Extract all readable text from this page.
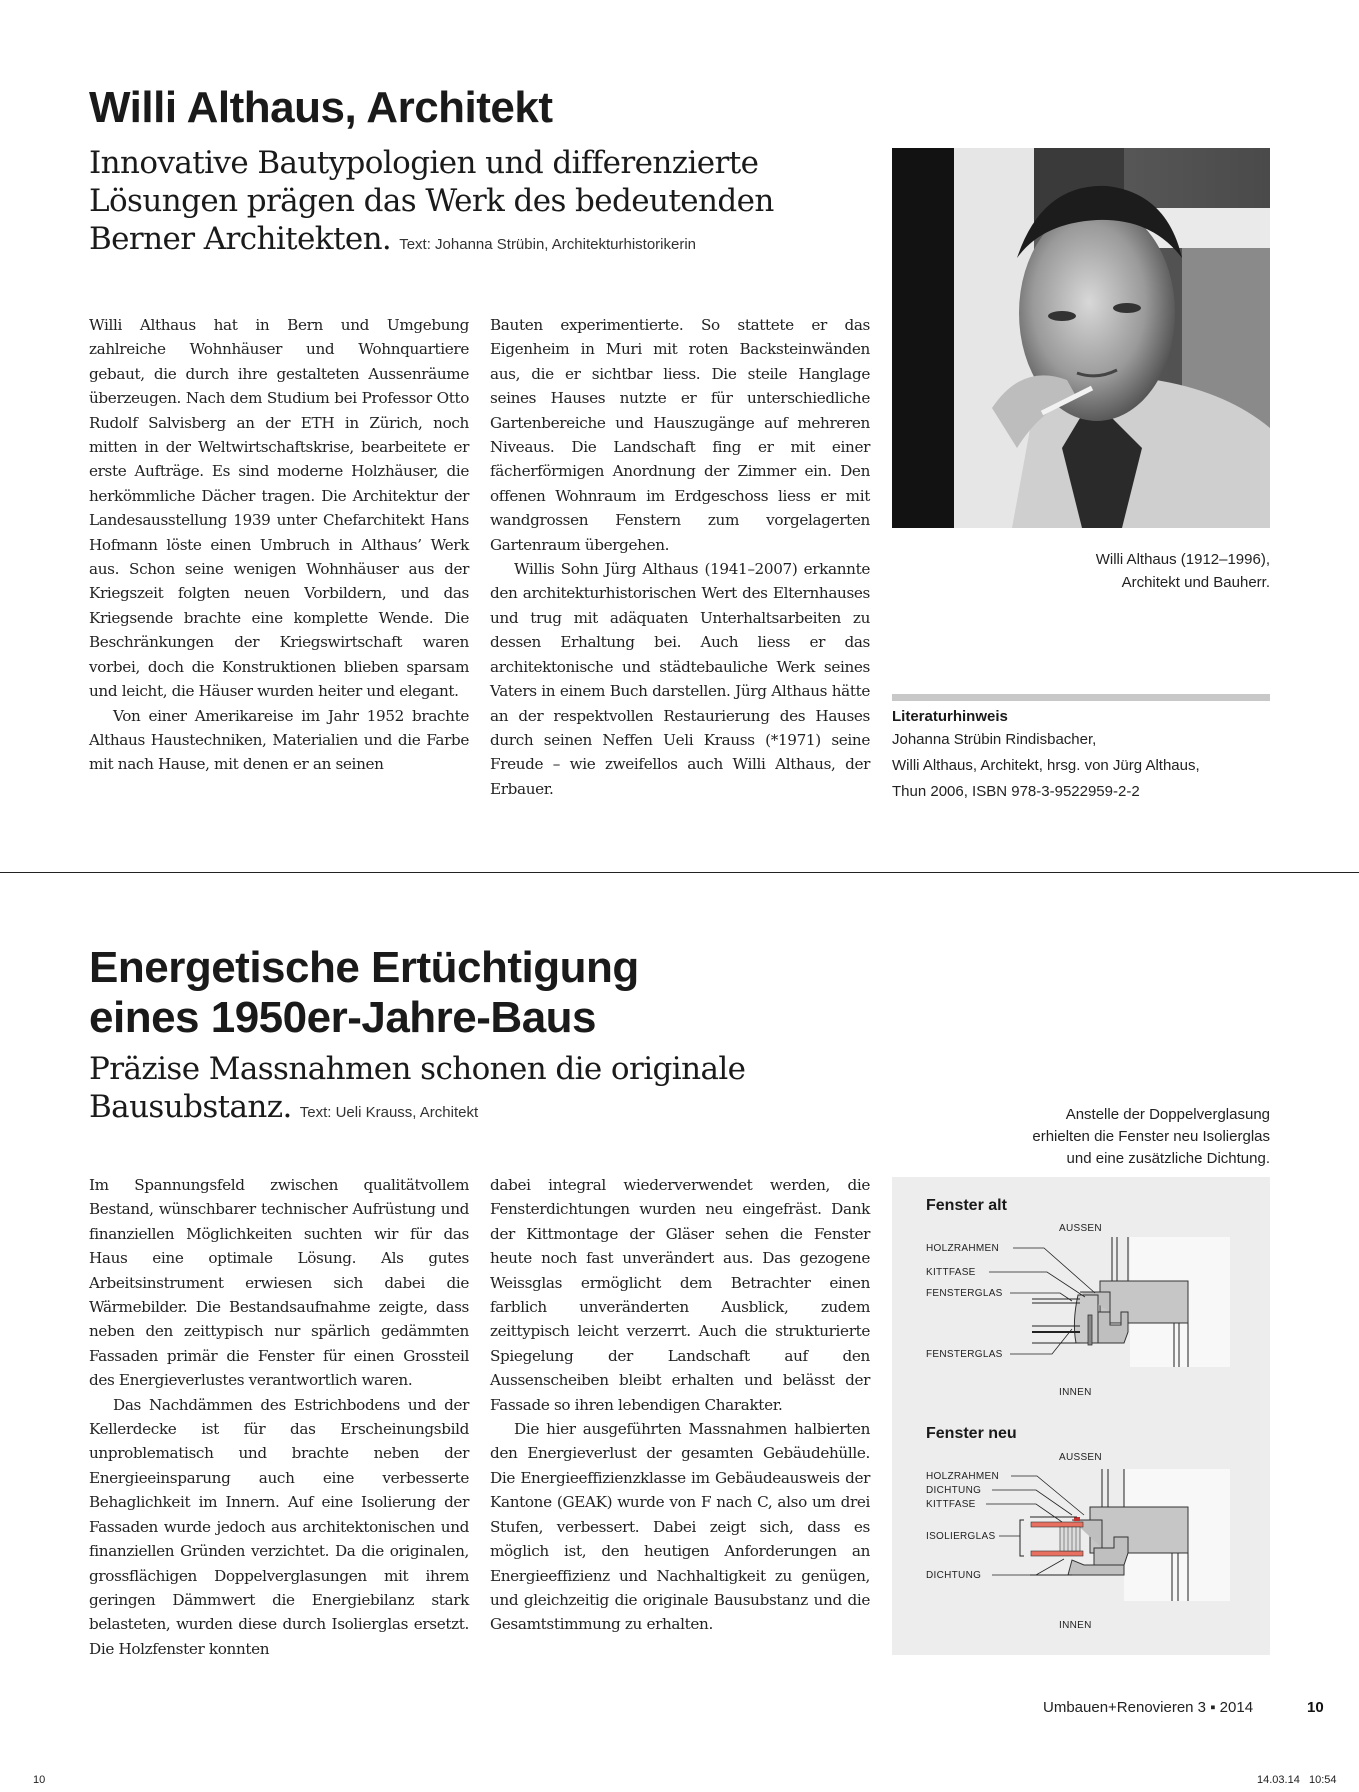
Willi Althaus, Architekt
Innovative Bautypologien und differenzierte
Lösungen prägen das Werk des bedeutenden
Berner Architekten. Text: Johanna Strübin, Architekturhistorikerin

Willi Althaus hat in Bern und Umgebung zahlreiche Wohnhäuser und Wohnquartiere gebaut, die durch ihre gestalteten Aussenräume überzeugen. Nach dem Studium bei Professor Otto Rudolf Salvisberg an der ETH in Zürich, noch mitten in der Weltwirtschaftskrise, bearbeitete er erste Aufträge. Es sind moderne Holzhäuser, die herkömmliche Dächer tragen. Die Architektur der Landesausstellung 1939 unter Chefarchitekt Hans Hofmann löste einen Umbruch in Althaus’ Werk aus. Schon seine wenigen Wohnhäuser aus der Kriegszeit folgten neuen Vorbildern, und das Kriegsende brachte eine komplette Wende. Die Beschränkungen der Kriegswirtschaft waren vorbei, doch die Konstruktionen blieben sparsam und leicht, die Häuser wurden heiter und elegant.

Von einer Amerikareise im Jahr 1952 brachte Althaus Haustechniken, Materialien und die Farbe mit nach Hause, mit denen er an seinen

Bauten experimentierte. So stattete er das Eigenheim in Muri mit roten Backsteinwänden aus, die er sichtbar liess. Die steile Hanglage seines Hauses nutzte er für unterschiedliche Gartenbereiche und Hauszugänge auf mehreren Niveaus. Die Landschaft fing er mit einer fächerförmigen Anordnung der Zimmer ein. Den offenen Wohnraum im Erdgeschoss liess er mit wandgrossen Fenstern zum vorgelagerten Gartenraum übergehen.

Willis Sohn Jürg Althaus (1941–2007) erkannte den architekturhistorischen Wert des Elternhauses und trug mit adäquaten Unterhaltsarbeiten zu dessen Erhaltung bei. Auch liess er das architektonische und städtebauliche Werk seines Vaters in einem Buch darstellen. Jürg Althaus hätte an der respektvollen Restaurierung des Hauses durch seinen Neffen Ueli Krauss (*1971) seine Freude – wie zweifellos auch Willi Althaus, der Erbauer.

Willi Althaus (1912–1996),
Architekt und Bauherr.
Literaturhinweis
Johanna Strübin Rindisbacher,
Willi Althaus, Architekt, hrsg. von Jürg Althaus,
Thun 2006, ISBN 978-3-9522959-2-2
Energetische Ertüchtigung
eines 1950er-Jahre-Baus
Präzise Massnahmen schonen die originale
Bausubstanz. Text: Ueli Krauss, Architekt

Im Spannungsfeld zwischen qualitätvollem Bestand, wünschbarer technischer Aufrüstung und finanziellen Möglichkeiten suchten wir für das Haus eine optimale Lösung. Als gutes Arbeitsinstrument erwiesen sich dabei die Wärmebilder. Die Bestandsaufnahme zeigte, dass neben den zeittypisch nur spärlich gedämmten Fassaden primär die Fenster für einen Grossteil des Energieverlustes verantwortlich waren.

Das Nachdämmen des Estrichbodens und der Kellerdecke ist für das Erscheinungsbild unproblematisch und brachte neben der Energieeinsparung auch eine verbesserte Behaglichkeit im Innern. Auf eine Isolierung der Fassaden wurde jedoch aus architektonischen und finanziellen Gründen verzichtet. Da die originalen, grossflächigen Doppelverglasungen mit ihrem geringen Dämmwert die Energiebilanz stark belasteten, wurden diese durch Isolierglas ersetzt. Die Holzfenster konnten

dabei integral wiederverwendet werden, die Fensterdichtungen wurden neu eingefräst. Dank der Kittmontage der Gläser sehen die Fenster heute noch fast unverändert aus. Das gezogene Weissglas ermöglicht dem Betrachter einen farblich unveränderten Ausblick, zudem zeittypisch leicht verzerrt. Auch die strukturierte Spiegelung der Landschaft auf den Aussenscheiben bleibt erhalten und belässt der Fassade so ihren lebendigen Charakter.

Die hier ausgeführten Massnahmen halbierten den Energieverlust der gesamten Gebäudehülle. Die Energieeffizienzklasse im Gebäudeausweis der Kantone (GEAK) wurde von F nach C, also um drei Stufen, verbessert. Dabei zeigt sich, dass es möglich ist, den heutigen Anforderungen an Energieeffizienz und Nachhaltigkeit zu genügen, und gleichzeitig die originale Bausubstanz und die Gesamtstimmung zu erhalten.

Anstelle der Doppelverglasung
erhielten die Fenster neu Isolierglas
und eine zusätzliche Dichtung.
Fenster alt
Fenster neu
AUSSEN
HOLZRAHMEN
KITTFASE
FENSTERGLAS
FENSTERGLAS
INNEN
AUSSEN
HOLZRAHMEN
DICHTUNG
KITTFASE
ISOLIERGLAS
DICHTUNG
INNEN
Umbauen+Renovieren 3 ▪ 2014	10
10	14.03.14   10:54
